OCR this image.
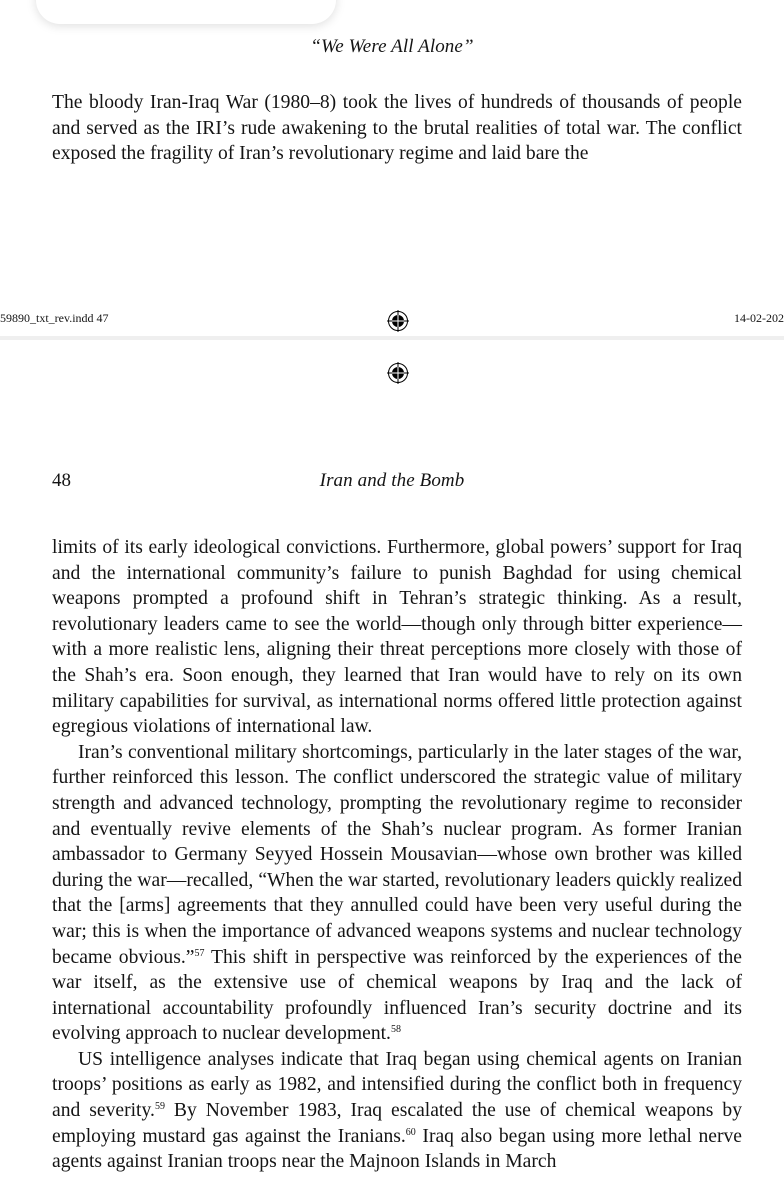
“We Were All Alone”

The bloody Iran-Iraq War (1980–8) took the lives of hundreds of thousands of people and served as the IRI’s rude awakening to the brutal realities of total war. The conflict exposed the fragility of Iran’s revolutionary regime and laid bare the

59890_txt_rev.indd 47	14-02-202
48	Iran and the Bomb

limits of its early ideological convictions. Furthermore, global powers’ support for Iraq and the international community’s failure to punish Baghdad for using chemical weapons prompted a profound shift in Tehran’s strategic thinking. As a result, revolutionary leaders came to see the world—though only through bitter experience—with a more realistic lens, aligning their threat perceptions more closely with those of the Shah’s era. Soon enough, they learned that Iran would have to rely on its own military capabilities for survival, as international norms offered little protection against egregious violations of international law.

Iran’s conventional military shortcomings, particularly in the later stages of the war, further reinforced this lesson. The conflict underscored the strategic value of military strength and advanced technology, prompting the revolutionary regime to reconsider and eventually revive elements of the Shah’s nuclear program. As former Iranian ambassador to Germany Seyyed Hossein Mousavian—whose own brother was killed during the war—recalled, “When the war started, revolutionary leaders quickly realized that the [arms] agreements that they annulled could have been very useful during the war; this is when the importance of advanced weapons systems and nuclear technology became obvious.”$^{57}$ This shift in perspective was reinforced by the experiences of the war itself, as the extensive use of chemical weapons by Iraq and the lack of international accountability profoundly influenced Iran’s security doctrine and its evolving approach to nuclear development.$^{58}$

US intelligence analyses indicate that Iraq began using chemical agents on Iranian troops’ positions as early as 1982, and intensified during the conflict both in frequency and severity.$^{59}$ By November 1983, Iraq escalated the use of chemical weapons by employing mustard gas against the Iranians.$^{60}$ Iraq also began using more lethal nerve agents against Iranian troops near the Majnoon Islands in March
